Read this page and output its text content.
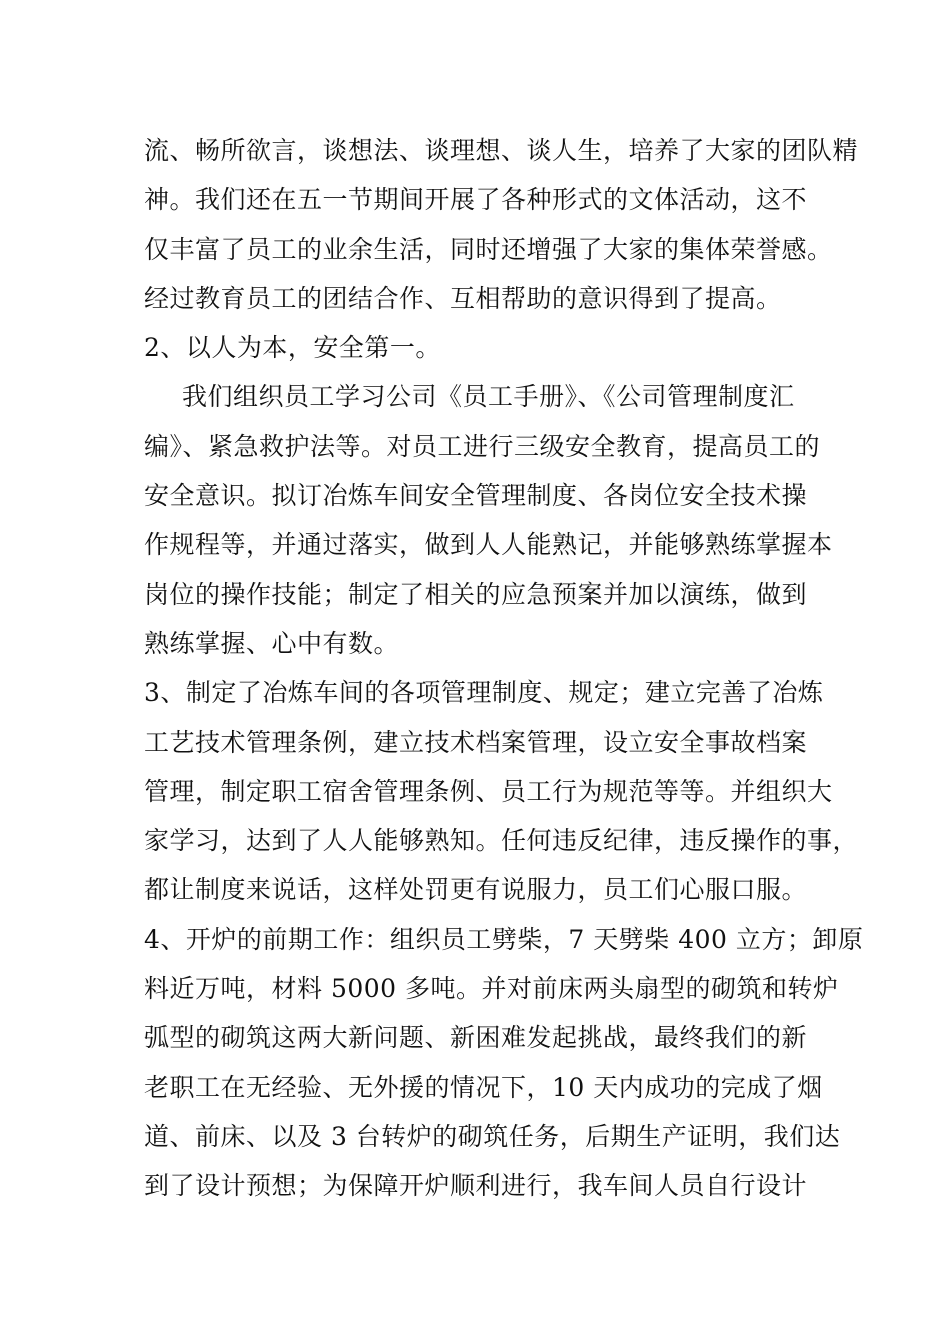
流、畅所欲言，谈想法、谈理想、谈人生，培养了大家的团队精
神。我们还在五一节期间开展了各种形式的文体活动，这不
仅丰富了员工的业余生活，同时还增强了大家的集体荣誉感。
经过教育员工的团结合作、互相帮助的意识得到了提高。
2、以人为本，安全第一。
我们组织员工学习公司《员工手册》、《公司管理制度汇
编》、紧急救护法等。对员工进行三级安全教育，提高员工的
安全意识。拟订冶炼车间安全管理制度、各岗位安全技术操
作规程等，并通过落实，做到人人能熟记，并能够熟练掌握本
岗位的操作技能；制定了相关的应急预案并加以演练，做到
熟练掌握、心中有数。
3、制定了冶炼车间的各项管理制度、规定；建立完善了冶炼
工艺技术管理条例，建立技术档案管理，设立安全事故档案
管理，制定职工宿舍管理条例、员工行为规范等等。并组织大
家学习，达到了人人能够熟知。任何违反纪律，违反操作的事，
都让制度来说话，这样处罚更有说服力，员工们心服口服。
4、开炉的前期工作：组织员工劈柴，7 天劈柴 400 立方；卸原
料近万吨，材料 5000 多吨。并对前床两头扇型的砌筑和转炉
弧型的砌筑这两大新问题、新困难发起挑战，最终我们的新
老职工在无经验、无外援的情况下，10 天内成功的完成了烟
道、前床、以及 3 台转炉的砌筑任务，后期生产证明，我们达
到了设计预想；为保障开炉顺利进行，我车间人员自行设计
